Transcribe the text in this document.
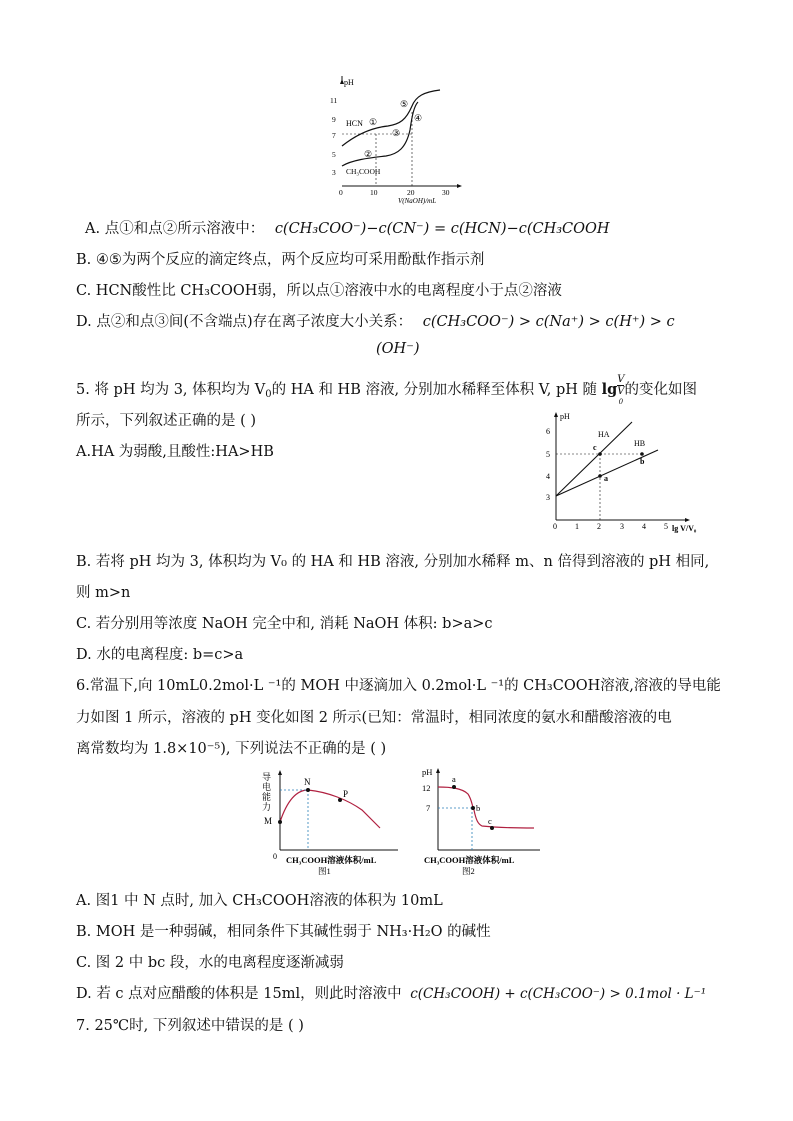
pH
11
9
7
5
3
0	10	20	30
V(NaOH)/mL
HCN
CH₃COOH
①
②
③
④
⑤
A. 点①和点②所示溶液中： c(CH₃COO⁻)−c(CN⁻) = c(HCN)−c(CH₃COOH
B. ④⑤为两个反应的滴定终点，两个反应均可采用酚酞作指示剂
C. HCN酸性比 CH₃COOH弱，所以点①溶液中水的电离程度小于点②溶液
D. 点②和点③间(不含端点)存在离子浓度大小关系： c(CH₃COO⁻) > c(Na⁺) > c(H⁺) > c
(OH⁻)
5. 将 pH 均为 3, 体积均为 $V_0$的 HA 和 HB 溶液, 分别加水稀释至体积 V, pH 随 lg V
V
0 的变化如图
所示，下列叙述正确的是 ( )
A.HA 为弱酸,且酸性:HA>HB
pH
6
5
4
3
0 1 2 3 4 5 lg V/V₀
HA
HB
c
b
a
B. 若将 pH 均为 3, 体积均为 V₀ 的 HA 和 HB 溶液, 分别加水稀释 m、n 倍得到溶液的 pH 相同,
则 m>n
C. 若分别用等浓度 NaOH 完全中和, 消耗 NaOH 体积: b>a>c
D. 水的电离程度: b=c>a
6.常温下,向 10mL0.2mol·L ⁻¹的 MOH 中逐滴加入 0.2mol·L ⁻¹的 CH₃COOH溶液,溶液的导电能
力如图 1 所示，溶液的 pH 变化如图 2 所示(已知：常温时，相同浓度的氨水和醋酸溶液的电
离常数均为 1.8×10⁻⁵), 下列说法不正确的是 ( )
导电能力
M
0
N
P
CH₃COOH溶液体积/mL
图1
pH
12
7
a
b
c
CH₃COOH溶液体积/mL
图2
A. 图1 中 N 点时, 加入 CH₃COOH溶液的体积为 10mL
B. MOH 是一种弱碱，相同条件下其碱性弱于 NH₃·H₂O 的碱性
C. 图 2 中 bc 段，水的电离程度逐渐减弱
D. 若 c 点对应醋酸的体积是 15ml，则此时溶液中 c(CH₃COOH) + c(CH₃COO⁻) > 0.1mol · L⁻¹
7. 25℃时, 下列叙述中错误的是 ( )
